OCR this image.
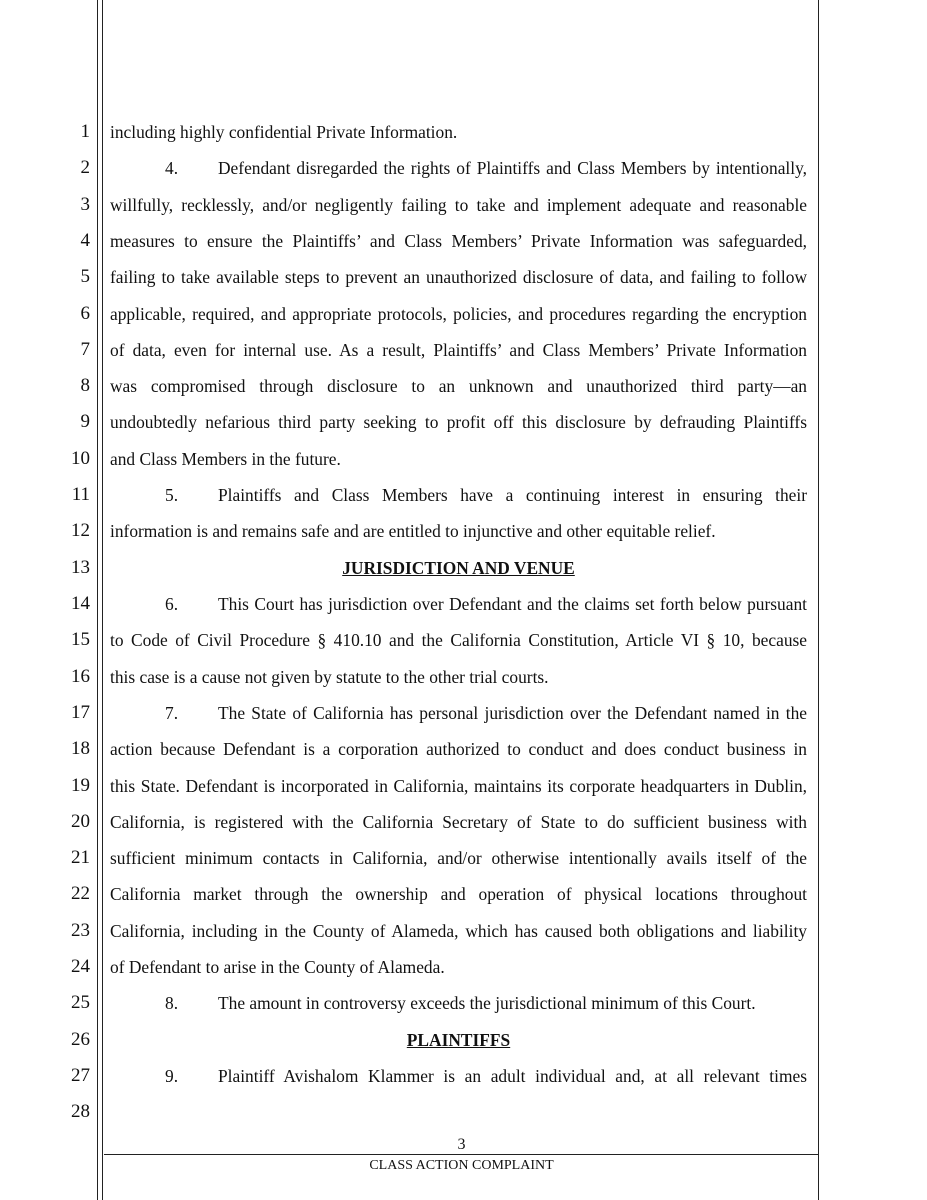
1
2
3
4
5
6
7
8
9
10
11
12
13
14
15
16
17
18
19
20
21
22
23
24
25
26
27
28
including highly confidential Private Information.
4. Defendant disregarded the rights of Plaintiffs and Class Members by intentionally,
willfully, recklessly, and/or negligently failing to take and implement adequate and reasonable
measures to ensure the Plaintiffs’ and Class Members’ Private Information was safeguarded,
failing to take available steps to prevent an unauthorized disclosure of data, and failing to follow
applicable, required, and appropriate protocols, policies, and procedures regarding the encryption
of data, even for internal use. As a result, Plaintiffs’ and Class Members’ Private Information
was compromised through disclosure to an unknown and unauthorized third party—an
undoubtedly nefarious third party seeking to profit off this disclosure by defrauding Plaintiffs
and Class Members in the future.
5. Plaintiffs and Class Members have a continuing interest in ensuring their
information is and remains safe and are entitled to injunctive and other equitable relief.
JURISDICTION AND VENUE
6. This Court has jurisdiction over Defendant and the claims set forth below pursuant
to Code of Civil Procedure § 410.10 and the California Constitution, Article VI § 10, because
this case is a cause not given by statute to the other trial courts.
7. The State of California has personal jurisdiction over the Defendant named in the
action because Defendant is a corporation authorized to conduct and does conduct business in
this State. Defendant is incorporated in California, maintains its corporate headquarters in Dublin,
California, is registered with the California Secretary of State to do sufficient business with
sufficient minimum contacts in California, and/or otherwise intentionally avails itself of the
California market through the ownership and operation of physical locations throughout
California, including in the County of Alameda, which has caused both obligations and liability
of Defendant to arise in the County of Alameda.
8. The amount in controversy exceeds the jurisdictional minimum of this Court.
PLAINTIFFS
9. Plaintiff Avishalom Klammer is an adult individual and, at all relevant times
3
CLASS ACTION COMPLAINT
